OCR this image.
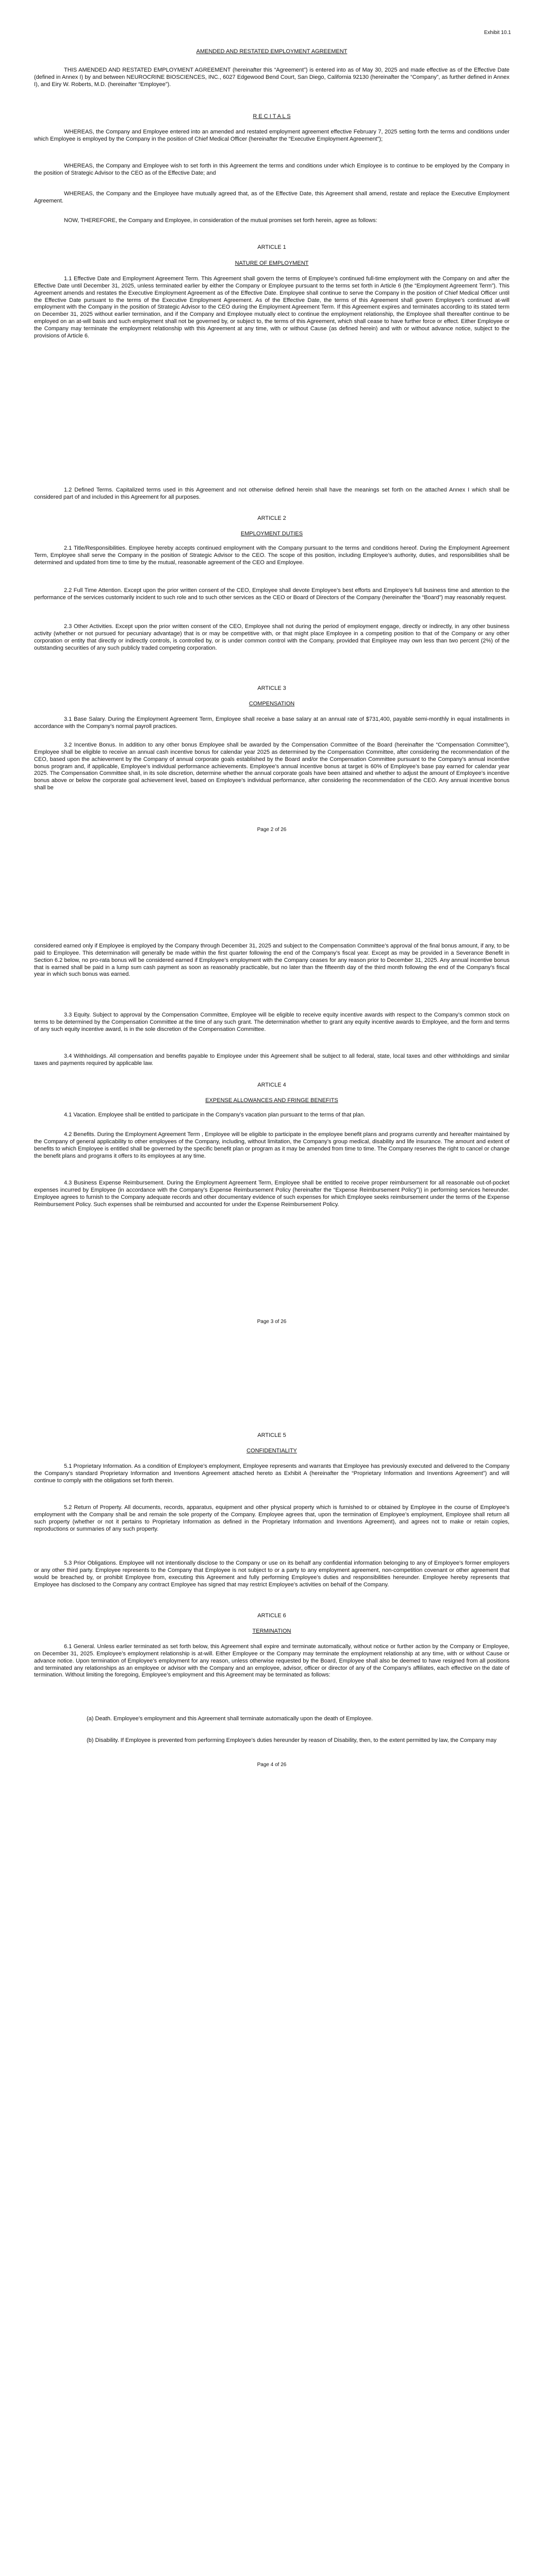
Exhibit 10.1

AMENDED AND RESTATED EMPLOYMENT AGREEMENT

THIS AMENDED AND RESTATED EMPLOYMENT AGREEMENT (hereinafter this “Agreement”) is entered into as of May 30, 2025 and made effective as of the Effective Date (defined in Annex I) by and between NEUROCRINE BIOSCIENCES, INC., 6027 Edgewood Bend Court, San Diego, California 92130 (hereinafter the “Company”, as further defined in Annex I), and Eiry W. Roberts, M.D. (hereinafter “Employee”).

R E C I T A L S

WHEREAS, the Company and Employee entered into an amended and restated employment agreement effective February 7, 2025 setting forth the terms and conditions under which Employee is employed by the Company in the position of Chief Medical Officer (hereinafter the “Executive Employment Agreement”);

WHEREAS, the Company and Employee wish to set forth in this Agreement the terms and conditions under which Employee is to continue to be employed by the Company in the position of Strategic Advisor to the CEO as of the Effective Date; and

WHEREAS, the Company and the Employee have mutually agreed that, as of the Effective Date, this Agreement shall amend, restate and replace the Executive Employment Agreement.

NOW, THEREFORE, the Company and Employee, in consideration of the mutual promises set forth herein, agree as follows:

ARTICLE 1

NATURE OF EMPLOYMENT

1.1 Effective Date and Employment Agreement Term. This Agreement shall govern the terms of Employee’s continued full-time employment with the Company on and after the Effective Date until December 31, 2025, unless terminated earlier by either the Company or Employee pursuant to the terms set forth in Article 6 (the “Employment Agreement Term”). This Agreement amends and restates the Executive Employment Agreement as of the Effective Date. Employee shall continue to serve the Company in the position of Chief Medical Officer until the Effective Date pursuant to the terms of the Executive Employment Agreement. As of the Effective Date, the terms of this Agreement shall govern Employee’s continued at-will employment with the Company in the position of Strategic Advisor to the CEO during the Employment Agreement Term. If this Agreement expires and terminates according to its stated term on December 31, 2025 without earlier termination, and if the Company and Employee mutually elect to continue the employment relationship, the Employee shall thereafter continue to be employed on an at-will basis and such employment shall not be governed by, or subject to, the terms of this Agreement, which shall cease to have further force or effect. Either Employee or the Company may terminate the employment relationship with this Agreement at any time, with or without Cause (as defined herein) and with or without advance notice, subject to the provisions of Article 6.

1.2 Defined Terms. Capitalized terms used in this Agreement and not otherwise defined herein shall have the meanings set forth on the attached Annex I which shall be considered part of and included in this Agreement for all purposes.

ARTICLE 2

EMPLOYMENT DUTIES

2.1 Title/Responsibilities. Employee hereby accepts continued employment with the Company pursuant to the terms and conditions hereof. During the Employment Agreement Term, Employee shall serve the Company in the position of Strategic Advisor to the CEO. The scope of this position, including Employee’s authority, duties, and responsibilities shall be determined and updated from time to time by the mutual, reasonable agreement of the CEO and Employee.

2.2 Full Time Attention. Except upon the prior written consent of the CEO, Employee shall devote Employee’s best efforts and Employee’s full business time and attention to the performance of the services customarily incident to such role and to such other services as the CEO or Board of Directors of the Company (hereinafter the “Board”) may reasonably request.

2.3 Other Activities. Except upon the prior written consent of the CEO, Employee shall not during the period of employment engage, directly or indirectly, in any other business activity (whether or not pursued for pecuniary advantage) that is or may be competitive with, or that might place Employee in a competing position to that of the Company or any other corporation or entity that directly or indirectly controls, is controlled by, or is under common control with the Company, provided that Employee may own less than two percent (2%) of the outstanding securities of any such publicly traded competing corporation.

ARTICLE 3

COMPENSATION

3.1 Base Salary. During the Employment Agreement Term, Employee shall receive a base salary at an annual rate of $731,400, payable semi-monthly in equal installments in accordance with the Company’s normal payroll practices.

3.2 Incentive Bonus. In addition to any other bonus Employee shall be awarded by the Compensation Committee of the Board (hereinafter the “Compensation Committee”), Employee shall be eligible to receive an annual cash incentive bonus for calendar year 2025 as determined by the Compensation Committee, after considering the recommendation of the CEO, based upon the achievement by the Company of annual corporate goals established by the Board and/or the Compensation Committee pursuant to the Company’s annual incentive bonus program and, if applicable, Employee’s individual performance achievements. Employee’s annual incentive bonus at target is 60% of Employee’s base pay earned for calendar year 2025. The Compensation Committee shall, in its sole discretion, determine whether the annual corporate goals have been attained and whether to adjust the amount of Employee’s incentive bonus above or below the corporate goal achievement level, based on Employee’s individual performance, after considering the recommendation of the CEO. Any annual incentive bonus shall be

Page 2 of 26

considered earned only if Employee is employed by the Company through December 31, 2025 and subject to the Compensation Committee’s approval of the final bonus amount, if any, to be paid to Employee. This determination will generally be made within the first quarter following the end of the Company’s fiscal year. Except as may be provided in a Severance Benefit in Section 6.2 below, no pro-rata bonus will be considered earned if Employee’s employment with the Company ceases for any reason prior to December 31, 2025. Any annual incentive bonus that is earned shall be paid in a lump sum cash payment as soon as reasonably practicable, but no later than the fifteenth day of the third month following the end of the Company’s fiscal year in which such bonus was earned.

3.3 Equity. Subject to approval by the Compensation Committee, Employee will be eligible to receive equity incentive awards with respect to the Company’s common stock on terms to be determined by the Compensation Committee at the time of any such grant. The determination whether to grant any equity incentive awards to Employee, and the form and terms of any such equity incentive award, is in the sole discretion of the Compensation Committee.

3.4 Withholdings. All compensation and benefits payable to Employee under this Agreement shall be subject to all federal, state, local taxes and other withholdings and similar taxes and payments required by applicable law.

ARTICLE 4

EXPENSE ALLOWANCES AND FRINGE BENEFITS

4.1 Vacation. Employee shall be entitled to participate in the Company’s vacation plan pursuant to the terms of that plan.

4.2 Benefits. During the Employment Agreement Term , Employee will be eligible to participate in the employee benefit plans and programs currently and hereafter maintained by the Company of general applicability to other employees of the Company, including, without limitation, the Company’s group medical, disability and life insurance. The amount and extent of benefits to which Employee is entitled shall be governed by the specific benefit plan or program as it may be amended from time to time. The Company reserves the right to cancel or change the benefit plans and programs it offers to its employees at any time.

4.3 Business Expense Reimbursement. During the Employment Agreement Term, Employee shall be entitled to receive proper reimbursement for all reasonable out-of-pocket expenses incurred by Employee (in accordance with the Company’s Expense Reimbursement Policy (hereinafter the “Expense Reimbursement Policy”)) in performing services hereunder. Employee agrees to furnish to the Company adequate records and other documentary evidence of such expenses for which Employee seeks reimbursement under the terms of the Expense Reimbursement Policy. Such expenses shall be reimbursed and accounted for under the Expense Reimbursement Policy.

Page 3 of 26

ARTICLE 5

CONFIDENTIALITY

5.1 Proprietary Information. As a condition of Employee’s employment, Employee represents and warrants that Employee has previously executed and delivered to the Company the Company’s standard Proprietary Information and Inventions Agreement attached hereto as Exhibit A (hereinafter the “Proprietary Information and Inventions Agreement”) and will continue to comply with the obligations set forth therein.

5.2 Return of Property. All documents, records, apparatus, equipment and other physical property which is furnished to or obtained by Employee in the course of Employee’s employment with the Company shall be and remain the sole property of the Company. Employee agrees that, upon the termination of Employee’s employment, Employee shall return all such property (whether or not it pertains to Proprietary Information as defined in the Proprietary Information and Inventions Agreement), and agrees not to make or retain copies, reproductions or summaries of any such property.

5.3 Prior Obligations. Employee will not intentionally disclose to the Company or use on its behalf any confidential information belonging to any of Employee’s former employers or any other third party. Employee represents to the Company that Employee is not subject to or a party to any employment agreement, non-competition covenant or other agreement that would be breached by, or prohibit Employee from, executing this Agreement and fully performing Employee’s duties and responsibilities hereunder. Employee hereby represents that Employee has disclosed to the Company any contract Employee has signed that may restrict Employee’s activities on behalf of the Company.

ARTICLE 6

TERMINATION

6.1 General. Unless earlier terminated as set forth below, this Agreement shall expire and terminate automatically, without notice or further action by the Company or Employee, on December 31, 2025. Employee’s employment relationship is at-will. Either Employee or the Company may terminate the employment relationship at any time, with or without Cause or advance notice. Upon termination of Employee’s employment for any reason, unless otherwise requested by the Board, Employee shall also be deemed to have resigned from all positions and terminated any relationships as an employee or advisor with the Company and an employee, advisor, officer or director of any of the Company’s affiliates, each effective on the date of termination. Without limiting the foregoing, Employee’s employment and this Agreement may be terminated as follows:

(a) Death. Employee’s employment and this Agreement shall terminate automatically upon the death of Employee.

(b) Disability. If Employee is prevented from performing Employee’s duties hereunder by reason of Disability, then, to the extent permitted by law, the Company may

Page 4 of 26
